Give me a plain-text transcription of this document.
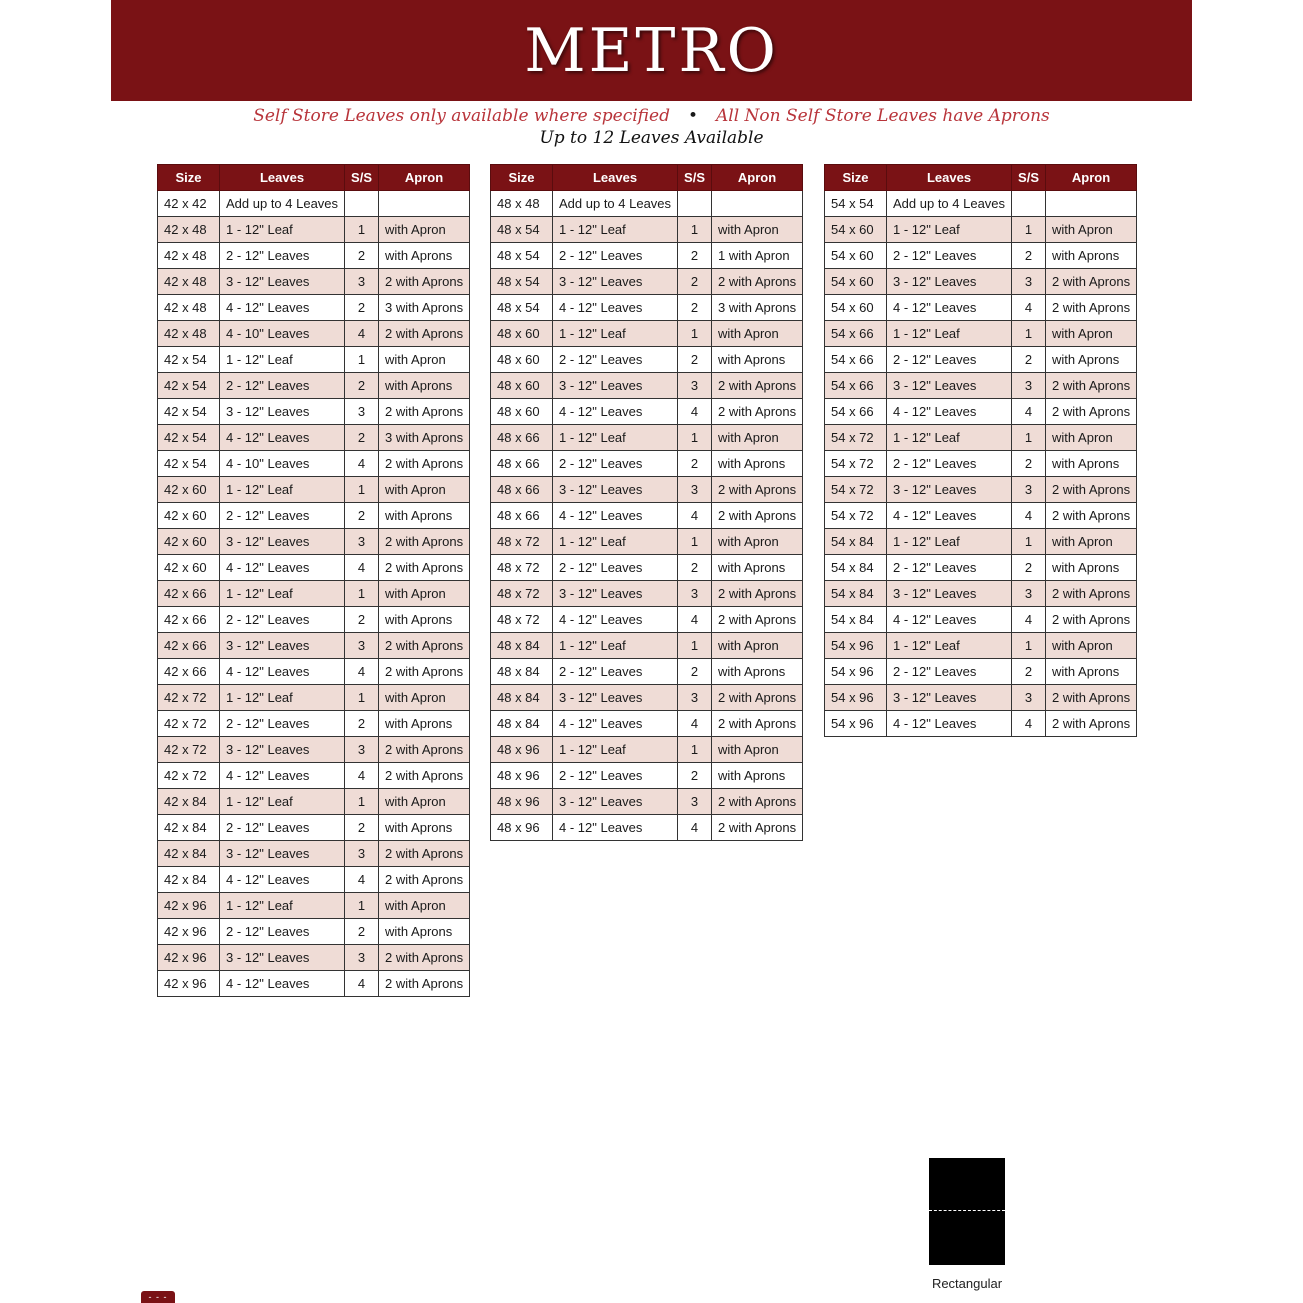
METRO
Self Store Leaves only available where specified • All Non Self Store Leaves have Aprons
Up to 12 Leaves Available
Size	Leaves	S/S	Apron
42 x 42	Add up to 4 Leaves		
42 x 48	1 - 12" Leaf	1	with Apron
42 x 48	2 - 12" Leaves	2	with Aprons
42 x 48	3 - 12" Leaves	3	2 with Aprons
42 x 48	4 - 12" Leaves	2	3 with Aprons
42 x 48	4 - 10" Leaves	4	2 with Aprons
42 x 54	1 - 12" Leaf	1	with Apron
42 x 54	2 - 12" Leaves	2	with Aprons
42 x 54	3 - 12" Leaves	3	2 with Aprons
42 x 54	4 - 12" Leaves	2	3 with Aprons
42 x 54	4 - 10" Leaves	4	2 with Aprons
42 x 60	1 - 12" Leaf	1	with Apron
42 x 60	2 - 12" Leaves	2	with Aprons
42 x 60	3 - 12" Leaves	3	2 with Aprons
42 x 60	4 - 12" Leaves	4	2 with Aprons
42 x 66	1 - 12" Leaf	1	with Apron
42 x 66	2 - 12" Leaves	2	with Aprons
42 x 66	3 - 12" Leaves	3	2 with Aprons
42 x 66	4 - 12" Leaves	4	2 with Aprons
42 x 72	1 - 12" Leaf	1	with Apron
42 x 72	2 - 12" Leaves	2	with Aprons
42 x 72	3 - 12" Leaves	3	2 with Aprons
42 x 72	4 - 12" Leaves	4	2 with Aprons
42 x 84	1 - 12" Leaf	1	with Apron
42 x 84	2 - 12" Leaves	2	with Aprons
42 x 84	3 - 12" Leaves	3	2 with Aprons
42 x 84	4 - 12" Leaves	4	2 with Aprons
42 x 96	1 - 12" Leaf	1	with Apron
42 x 96	2 - 12" Leaves	2	with Aprons
42 x 96	3 - 12" Leaves	3	2 with Aprons
42 x 96	4 - 12" Leaves	4	2 with Aprons
Size	Leaves	S/S	Apron
48 x 48	Add up to 4 Leaves		
48 x 54	1 - 12" Leaf	1	with Apron
48 x 54	2 - 12" Leaves	2	1 with Apron
48 x 54	3 - 12" Leaves	2	2 with Aprons
48 x 54	4 - 12" Leaves	2	3 with Aprons
48 x 60	1 - 12" Leaf	1	with Apron
48 x 60	2 - 12" Leaves	2	with Aprons
48 x 60	3 - 12" Leaves	3	2 with Aprons
48 x 60	4 - 12" Leaves	4	2 with Aprons
48 x 66	1 - 12" Leaf	1	with Apron
48 x 66	2 - 12" Leaves	2	with Aprons
48 x 66	3 - 12" Leaves	3	2 with Aprons
48 x 66	4 - 12" Leaves	4	2 with Aprons
48 x 72	1 - 12" Leaf	1	with Apron
48 x 72	2 - 12" Leaves	2	with Aprons
48 x 72	3 - 12" Leaves	3	2 with Aprons
48 x 72	4 - 12" Leaves	4	2 with Aprons
48 x 84	1 - 12" Leaf	1	with Apron
48 x 84	2 - 12" Leaves	2	with Aprons
48 x 84	3 - 12" Leaves	3	2 with Aprons
48 x 84	4 - 12" Leaves	4	2 with Aprons
48 x 96	1 - 12" Leaf	1	with Apron
48 x 96	2 - 12" Leaves	2	with Aprons
48 x 96	3 - 12" Leaves	3	2 with Aprons
48 x 96	4 - 12" Leaves	4	2 with Aprons
Size	Leaves	S/S	Apron
54 x 54	Add up to 4 Leaves		
54 x 60	1 - 12" Leaf	1	with Apron
54 x 60	2 - 12" Leaves	2	with Aprons
54 x 60	3 - 12" Leaves	3	2 with Aprons
54 x 60	4 - 12" Leaves	4	2 with Aprons
54 x 66	1 - 12" Leaf	1	with Apron
54 x 66	2 - 12" Leaves	2	with Aprons
54 x 66	3 - 12" Leaves	3	2 with Aprons
54 x 66	4 - 12" Leaves	4	2 with Aprons
54 x 72	1 - 12" Leaf	1	with Apron
54 x 72	2 - 12" Leaves	2	with Aprons
54 x 72	3 - 12" Leaves	3	2 with Aprons
54 x 72	4 - 12" Leaves	4	2 with Aprons
54 x 84	1 - 12" Leaf	1	with Apron
54 x 84	2 - 12" Leaves	2	with Aprons
54 x 84	3 - 12" Leaves	3	2 with Aprons
54 x 84	4 - 12" Leaves	4	2 with Aprons
54 x 96	1 - 12" Leaf	1	with Apron
54 x 96	2 - 12" Leaves	2	with Aprons
54 x 96	3 - 12" Leaves	3	2 with Aprons
54 x 96	4 - 12" Leaves	4	2 with Aprons
Rectangular
- - -
